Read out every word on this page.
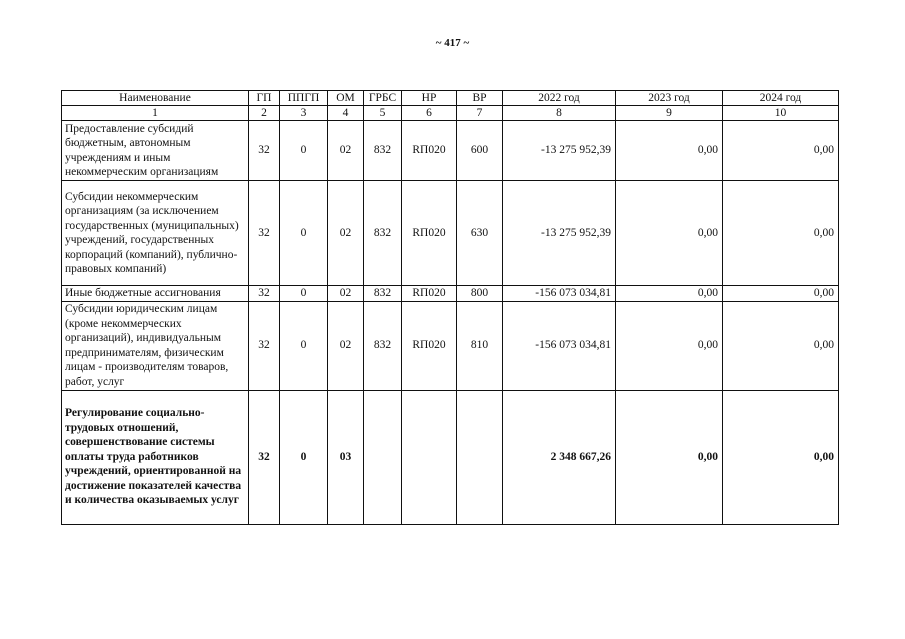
~ 417 ~
Наименование	ГП	ППГП	ОМ	ГРБС	НР	ВР	2022 год	2023 год	2024 год
1	2	3	4	5	6	7	8	9	10
Предоставление субсидий бюджетным, автономным учреждениям и иным некоммерческим организациям	32	0	02	832	RП020	600	-13 275 952,39	0,00	0,00
Субсидии некоммерческим организациям (за исключением государственных (муниципальных) учреждений, государственных корпораций (компаний), публично-правовых компаний)	32	0	02	832	RП020	630	-13 275 952,39	0,00	0,00
Иные бюджетные ассигнования	32	0	02	832	RП020	800	-156 073 034,81	0,00	0,00
Субсидии юридическим лицам (кроме некоммерческих организаций), индивидуальным предпринимателям, физическим лицам - производителям товаров, работ, услуг	32	0	02	832	RП020	810	-156 073 034,81	0,00	0,00
Регулирование социально-трудовых отношений, совершенствование системы оплаты труда работников учреждений, ориентированной на достижение показателей качества и количества оказываемых услуг	32	0	03				2 348 667,26	0,00	0,00
